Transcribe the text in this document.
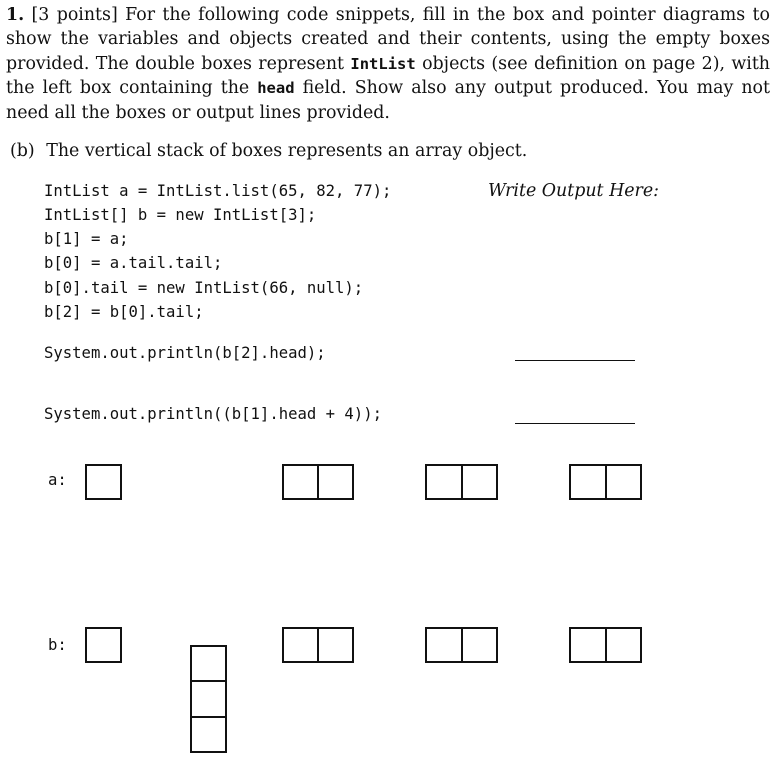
1. [3 points] For the following code snippets, fill in the box and pointer diagrams to show the variables and objects created and their contents, using the empty boxes provided. The double boxes represent IntList objects (see definition on page 2), with the left box containing the head field. Show also any output produced. You may not need all the boxes or output lines provided.
(b) The vertical stack of boxes represents an array object.
IntList a = IntList.list(65, 82, 77);
IntList[] b = new IntList[3];
b[1] = a;
b[0] = a.tail.tail;
b[0].tail = new IntList(66, null);
b[2] = b[0].tail;
Write Output Here:
System.out.println(b[2].head);
System.out.println((b[1].head + 4));
a:
b:
